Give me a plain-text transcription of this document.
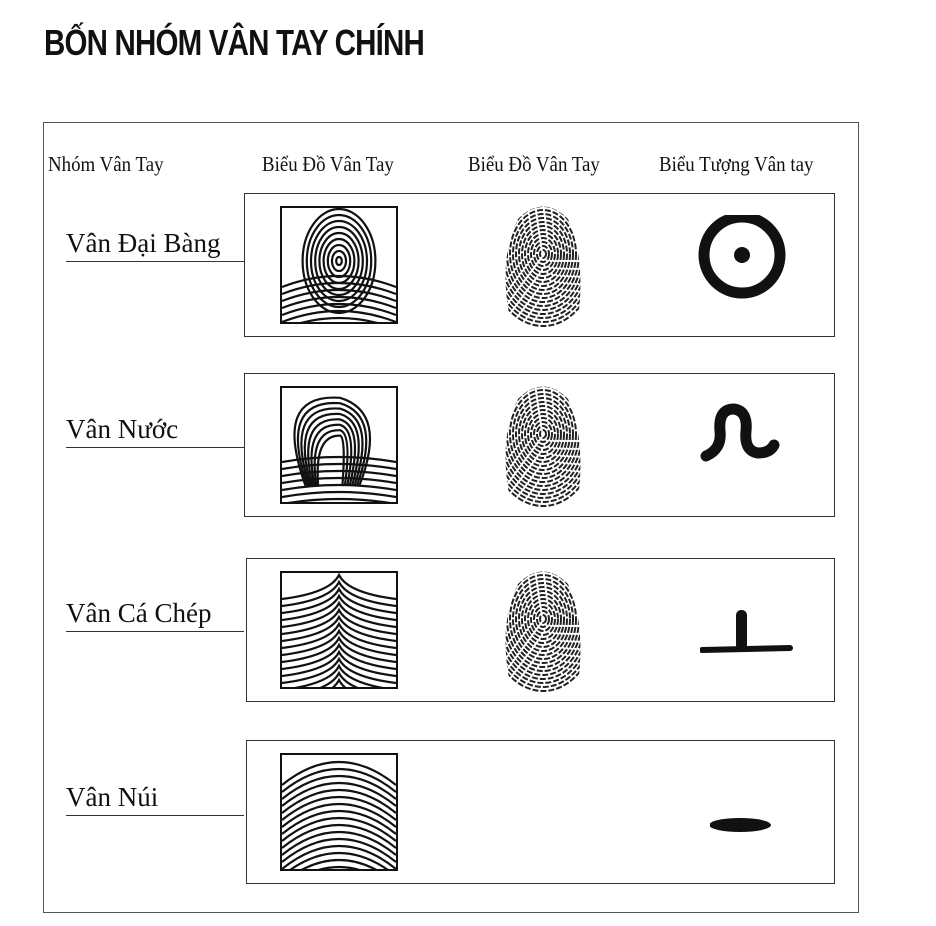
BỐN NHÓM VÂN TAY CHÍNH
Nhóm Vân Tay	Biểu Đồ Vân Tay	Biểu Đồ Vân Tay	Biểu Tượng Vân tay
Vân Đại Bàng
Vân Nước
Vân Cá Chép
Vân Núi
